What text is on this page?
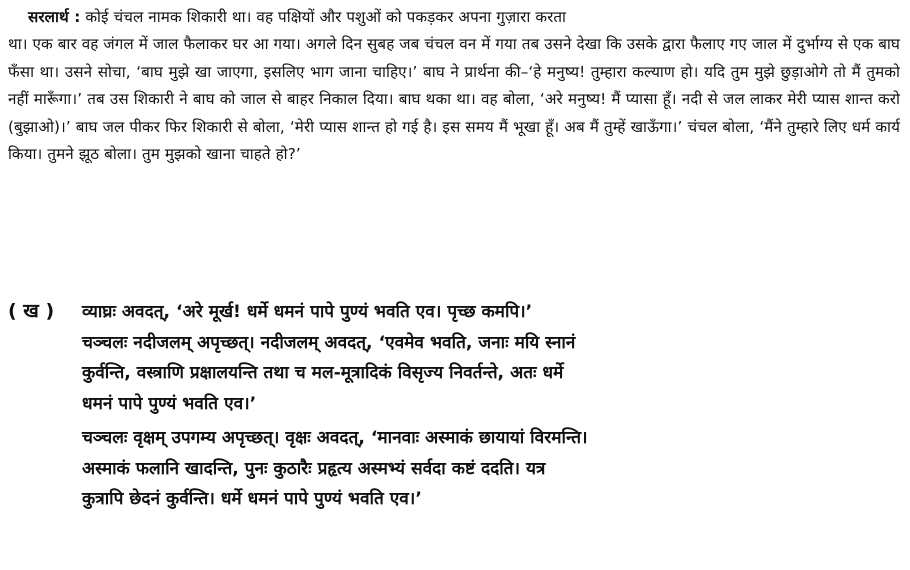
सरलार्थ : कोई चंचल नामक शिकारी था। वह पक्षियों और पशुओं को पकड़कर अपना गुज़ारा करता
था। एक बार वह जंगल में जाल फैलाकर घर आ गया। अगले दिन सुबह जब चंचल वन में गया तब उसने देखा कि उसके द्वारा फैलाए गए जाल में दुर्भाग्य से एक बाघ फँसा था। उसने सोचा, ‘बाघ मुझे खा जाएगा, इसलिए भाग जाना चाहिए।’ बाघ ने प्रार्थना की–‘हे मनुष्य! तुम्हारा कल्याण हो। यदि तुम मुझे छुड़ाओगे तो मैं तुमको नहीं मारूँगा।’ तब उस शिकारी ने बाघ को जाल से बाहर निकाल दिया। बाघ थका था। वह बोला, ‘अरे मनुष्य! मैं प्यासा हूँ। नदी से जल लाकर मेरी प्यास शान्त करो (बुझाओ)।’ बाघ जल पीकर फिर शिकारी से बोला, ‘मेरी प्यास शान्त हो गई है। इस समय मैं भूखा हूँ। अब मैं तुम्हें खाऊँगा।’ चंचल बोला, ‘मैंने तुम्हारे लिए धर्म कार्य किया। तुमने झूठ बोला। तुम मुझको खाना चाहते हो?’
( ख ) व्याघ्रः अवदत्, ‘अरे मूर्ख! धर्मे धमनं पापे पुण्यं भवति एव। पृच्छ कमपि।’
चञ्चलः नदीजलम् अपृच्छत्। नदीजलम् अवदत्, ‘एवमेव भवति, जनाः मयि स्नानं
कुर्वन्ति, वस्त्राणि प्रक्षालयन्ति तथा च मल-मूत्रादिकं विसृज्य निवर्तन्ते, अतः धर्मे
धमनं पापे पुण्यं भवति एव।’
चञ्चलः वृक्षम् उपगम्य अपृच्छत्। वृक्षः अवदत्, ‘मानवाः अस्माकं छायायां विरमन्ति।
अस्माकं फलानि खादन्ति, पुनः कुठारैः प्रहृत्य अस्मभ्यं सर्वदा कष्टं ददति। यत्र
कुत्रापि छेदनं कुर्वन्ति। धर्मे धमनं पापे पुण्यं भवति एव।’
